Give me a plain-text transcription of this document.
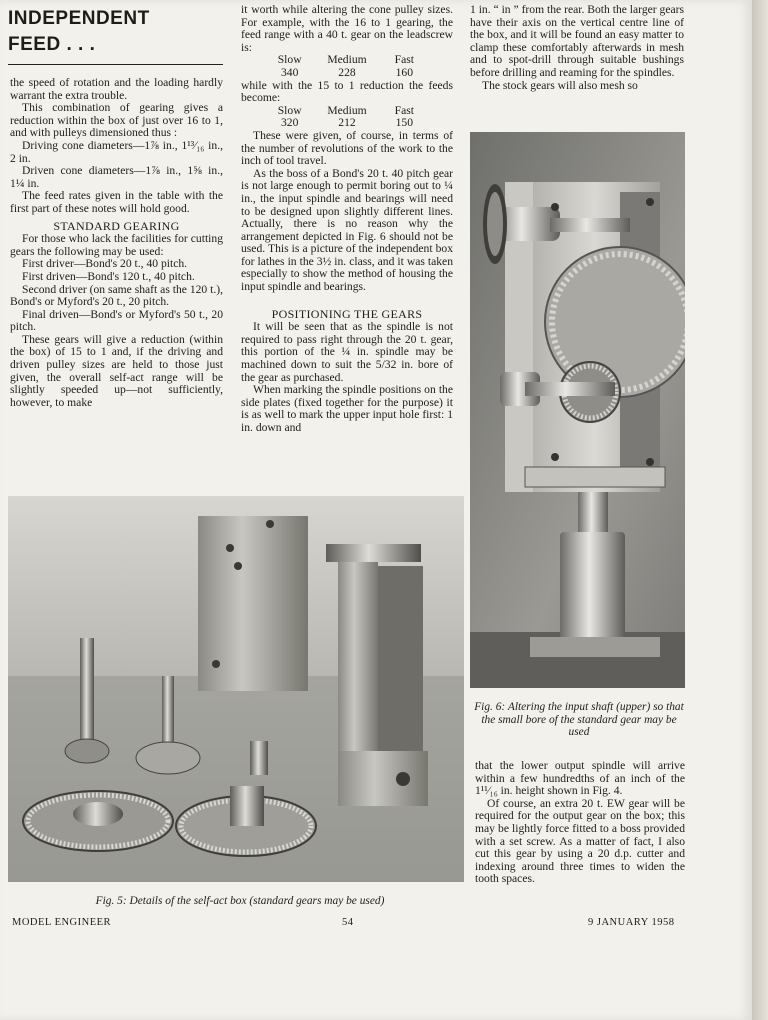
INDEPENDENT
FEED . . .

the speed of rotation and the loading hardly warrant the extra trouble.

This combination of gearing gives a reduction within the box of just over 16 to 1, and with pulleys dimensioned thus :

Driving cone diameters—1⅞ in., 1¹³⁄₁₆ in., 2 in.

Driven cone diameters—1⅞ in., 1⅝ in., 1¼ in.

The feed rates given in the table with the first part of these notes will hold good.

STANDARD GEARING

For those who lack the facilities for cutting gears the following may be used:

First driver—Bond's 20 t., 40 pitch.

First driven—Bond's 120 t., 40 pitch.

Second driver (on same shaft as the 120 t.), Bond's or Myford's 20 t., 20 pitch.

Final driven—Bond's or Myford's 50 t., 20 pitch.

These gears will give a reduction (within the box) of 15 to 1 and, if the driving and driven pulley sizes are held to those just given, the overall self-act range will be slightly speeded up—not sufficiently, however, to make

it worth while altering the cone pulley sizes. For example, with the 16 to 1 gearing, the feed range with a 40 t. gear on the leadscrew is:

Slow	Medium	Fast
340	228	160

while with the 15 to 1 reduction the feeds become:

Slow	Medium	Fast
320	212	150

These were given, of course, in terms of the number of revolutions of the work to the inch of tool travel.

As the boss of a Bond's 20 t. 40 pitch gear is not large enough to permit boring out to ¼ in., the input spindle and bearings will need to be designed upon slightly different lines. Actually, there is no reason why the arrangement depicted in Fig. 6 should not be used. This is a picture of the independent box for lathes in the 3½ in. class, and it was taken especially to show the method of housing the input spindle and bearings.

POSITIONING THE GEARS

It will be seen that as the spindle is not required to pass right through the 20 t. gear, this portion of the ¼ in. spindle may be machined down to suit the 5/32 in. bore of the gear as purchased.

When marking the spindle positions on the side plates (fixed together for the purpose) it is as well to mark the upper input hole first: 1 in. down and

1 in. “ in ” from the rear. Both the larger gears have their axis on the vertical centre line of the box, and it will be found an easy matter to clamp these comfortably afterwards in mesh and to spot-drill through suitable bushings before drilling and reaming for the spindles.

The stock gears will also mesh so

Fig. 6: Altering the input shaft (upper) so that the small bore of the standard gear may be used

that the lower output spindle will arrive within a few hundredths of an inch of the 1¹¹⁄₁₆ in. height shown in Fig. 4.

Of course, an extra 20 t. EW gear will be required for the output gear on the box; this may be lightly force fitted to a boss provided with a set screw. As a matter of fact, I also cut this gear by using a 20 d.p. cutter and indexing around three times to widen the tooth spaces.

Fig. 5: Details of the self-act box (standard gears may be used)
MODEL ENGINEER	54	9 JANUARY 1958
